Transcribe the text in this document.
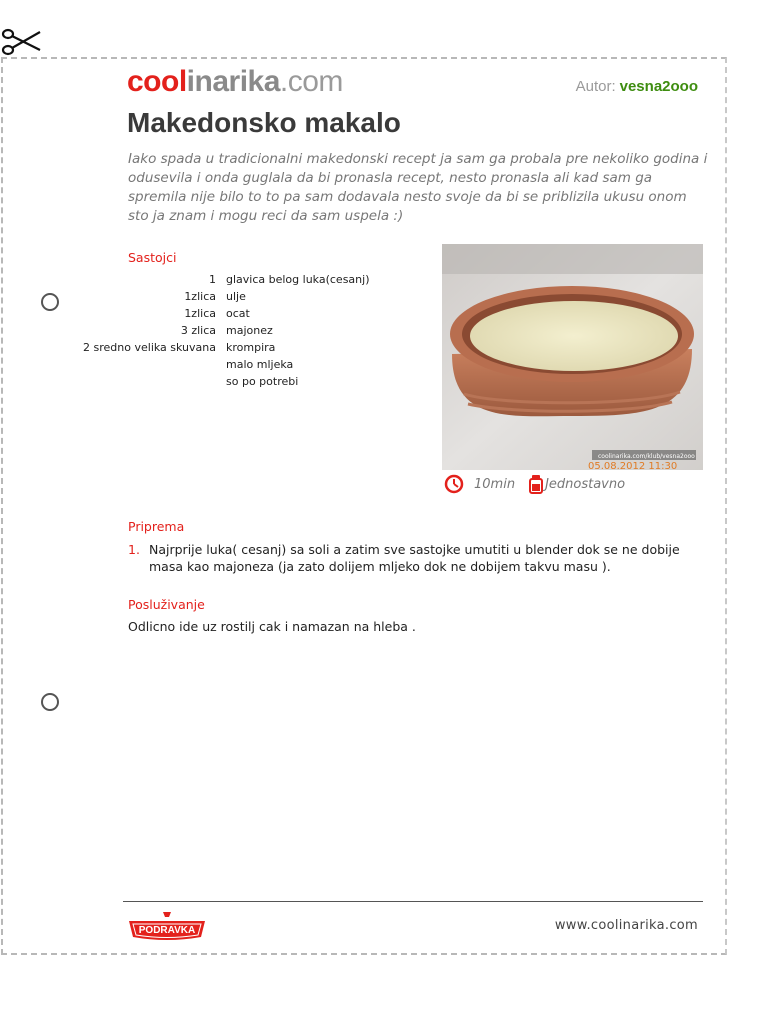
coolinarika.com	Autor: vesna2ooo
Makedonsko makalo

Iako spada u tradicionalni makedonski recept ja sam ga probala pre nekoliko godina i odusevila i onda guglala da bi pronasla recept, nesto pronasla ali kad sam ga spremila nije bilo to to pa sam dodavala nesto svoje da bi se priblizila ukusu onom sto ja znam i mogu reci da sam uspela :)

Sastojci

1 glavica belog luka(cesanj)
1zlica ulje
1zlica ocat
3 zlica majonez
2 sredno velika skuvana krompira
malo mljeka
so po potrebi
coolinarika.com/klub/vesna2ooo
05.08.2012 11:30
10min Jednostavno

Priprema

1. Najrprije luka( cesanj) sa soli a zatim sve sastojke umutiti u blender dok se ne dobije masa kao majoneza (ja zato dolijem mljeko dok ne dobijem takvu masu ).

Posluživanje

Odlicno ide uz rostilj cak i namazan na hleba .

PODRAVKA	www.coolinarika.com
